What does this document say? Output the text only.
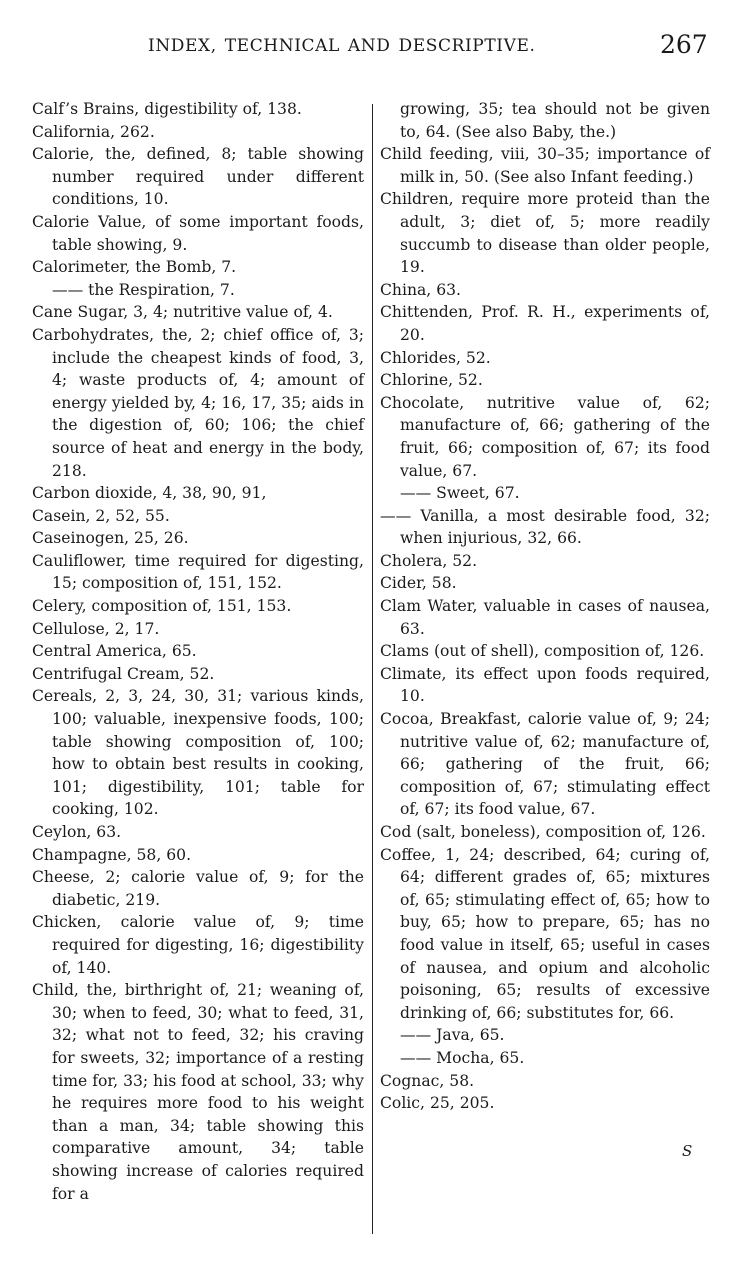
INDEX, TECHNICAL AND DESCRIPTIVE.	267
Calf’s Brains, digestibility of, 138.
California, 262.
Calorie, the, defined, 8; table showing number required under different conditions, 10.
Calorie Value, of some important foods, table showing, 9.
Calorimeter, the Bomb, 7.
—— the Respiration, 7.
Cane Sugar, 3, 4; nutritive value of, 4.
Carbohydrates, the, 2; chief office of, 3; include the cheapest kinds of food, 3, 4; waste products of, 4; amount of energy yielded by, 4; 16, 17, 35; aids in the digestion of, 60; 106; the chief source of heat and energy in the body, 218.
Carbon dioxide, 4, 38, 90, 91,
Casein, 2, 52, 55.
Caseinogen, 25, 26.
Cauliflower, time required for digesting, 15; composition of, 151, 152.
Celery, composition of, 151, 153.
Cellulose, 2, 17.
Central America, 65.
Centrifugal Cream, 52.
Cereals, 2, 3, 24, 30, 31; various kinds, 100; valuable, inexpensive foods, 100; table showing composition of, 100; how to obtain best results in cooking, 101; digestibility, 101; table for cooking, 102.
Ceylon, 63.
Champagne, 58, 60.
Cheese, 2; calorie value of, 9; for the diabetic, 219.
Chicken, calorie value of, 9; time required for digesting, 16; digestibility of, 140.
Child, the, birthright of, 21; weaning of, 30; when to feed, 30; what to feed, 31, 32; what not to feed, 32; his craving for sweets, 32; importance of a resting time for, 33; his food at school, 33; why he requires more food to his weight than a man, 34; table showing this comparative amount, 34; table showing increase of calories required for a
growing, 35; tea should not be given to, 64. (See also Baby, the.)
Child feeding, viii, 30–35; importance of milk in, 50. (See also Infant feeding.)
Children, require more proteid than the adult, 3; diet of, 5; more readily succumb to disease than older people, 19.
China, 63.
Chittenden, Prof. R. H., experiments of, 20.
Chlorides, 52.
Chlorine, 52.
Chocolate, nutritive value of, 62; manufacture of, 66; gathering of the fruit, 66; composition of, 67; its food value, 67.
—— Sweet, 67.
—— Vanilla, a most desirable food, 32; when injurious, 32, 66.
Cholera, 52.
Cider, 58.
Clam Water, valuable in cases of nausea, 63.
Clams (out of shell), composition of, 126.
Climate, its effect upon foods required, 10.
Cocoa, Breakfast, calorie value of, 9; 24; nutritive value of, 62; manufacture of, 66; gathering of the fruit, 66; composition of, 67; stimulating effect of, 67; its food value, 67.
Cod (salt, boneless), composition of, 126.
Coffee, 1, 24; described, 64; curing of, 64; different grades of, 65; mixtures of, 65; stimulating effect of, 65; how to buy, 65; how to prepare, 65; has no food value in itself, 65; useful in cases of nausea, and opium and alcoholic poisoning, 65; results of excessive drinking of, 66; substitutes for, 66.
—— Java, 65.
—— Mocha, 65.
Cognac, 58.
Colic, 25, 205.
S
